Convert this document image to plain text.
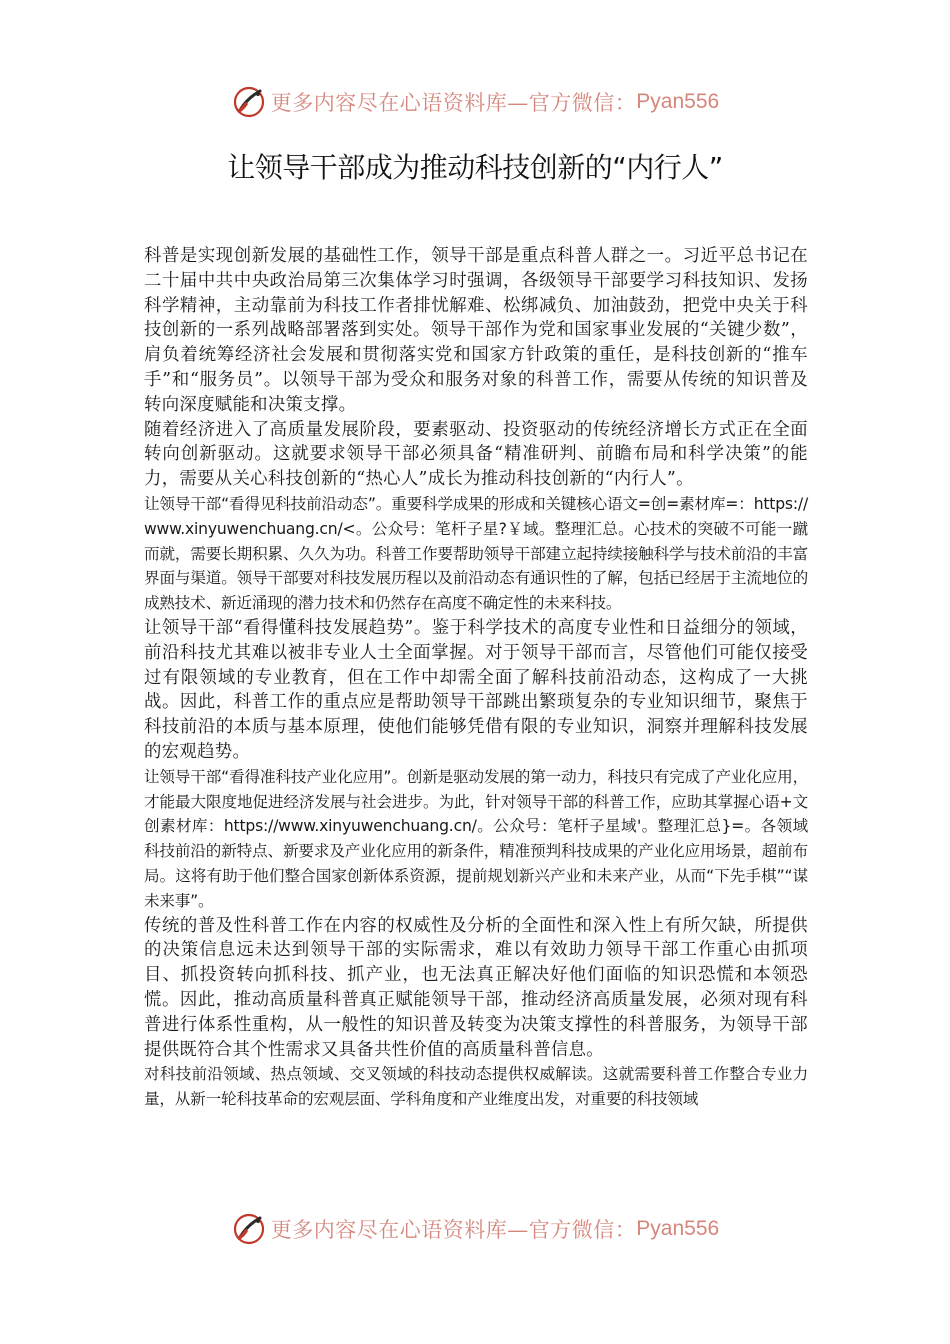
更多内容尽在心语资料库—官方微信： Pyan556
让领导干部成为推动科技创新的“内行人”

科普是实现创新发展的基础性工作，领导干部是重点科普人群之一。习近平总书记在二十届中共中央政治局第三次集体学习时强调，各级领导干部要学习科技知识、发扬科学精神，主动靠前为科技工作者排忧解难、松绑减负、加油鼓劲，把党中央关于科技创新的一系列战略部署落到实处。领导干部作为党和国家事业发展的“关键少数”，肩负着统筹经济社会发展和贯彻落实党和国家方针政策的重任，是科技创新的“推车手”和“服务员”。以领导干部为受众和服务对象的科普工作，需要从传统的知识普及转向深度赋能和决策支撑。

随着经济进入了高质量发展阶段，要素驱动、投资驱动的传统经济增长方式正在全面转向创新驱动。这就要求领导干部必须具备“精准研判、前瞻布局和科学决策”的能力，需要从关心科技创新的“热心人”成长为推动科技创新的“内行人”。

让领导干部“看得见科技前沿动态”。重要科学成果的形成和关键核心语文=创=素材库=：https://www.xinyuwenchuang.cn/<。公众号：笔杆子星?￥域。整理汇总。心技术的突破不可能一蹴而就，需要长期积累、久久为功。科普工作要帮助领导干部建立起持续接触科学与技术前沿的丰富界面与渠道。领导干部要对科技发展历程以及前沿动态有通识性的了解，包括已经居于主流地位的成熟技术、新近涌现的潜力技术和仍然存在高度不确定性的未来科技。

让领导干部“看得懂科技发展趋势”。鉴于科学技术的高度专业性和日益细分的领域，前沿科技尤其难以被非专业人士全面掌握。对于领导干部而言，尽管他们可能仅接受过有限领域的专业教育，但在工作中却需全面了解科技前沿动态，这构成了一大挑战。因此，科普工作的重点应是帮助领导干部跳出繁琐复杂的专业知识细节，聚焦于科技前沿的本质与基本原理，使他们能够凭借有限的专业知识，洞察并理解科技发展的宏观趋势。

让领导干部“看得准科技产业化应用”。创新是驱动发展的第一动力，科技只有完成了产业化应用，才能最大限度地促进经济发展与社会进步。为此，针对领导干部的科普工作，应助其掌握心语+文创素材库：https://www.xinyuwenchuang.cn/。公众号：笔杆子星域'。整理汇总}=。各领域科技前沿的新特点、新要求及产业化应用的新条件，精准预判科技成果的产业化应用场景，超前布局。这将有助于他们整合国家创新体系资源，提前规划新兴产业和未来产业，从而“下先手棋”“谋未来事”。

传统的普及性科普工作在内容的权威性及分析的全面性和深入性上有所欠缺，所提供的决策信息远未达到领导干部的实际需求，难以有效助力领导干部工作重心由抓项目、抓投资转向抓科技、抓产业，也无法真正解决好他们面临的知识恐慌和本领恐慌。因此，推动高质量科普真正赋能领导干部，推动经济高质量发展，必须对现有科普进行体系性重构，从一般性的知识普及转变为决策支撑性的科普服务，为领导干部提供既符合其个性需求又具备共性价值的高质量科普信息。

对科技前沿领域、热点领域、交叉领域的科技动态提供权威解读。这就需要科普工作整合专业力量，从新一轮科技革命的宏观层面、学科角度和产业维度出发，对重要的科技领域

更多内容尽在心语资料库—官方微信： Pyan556
